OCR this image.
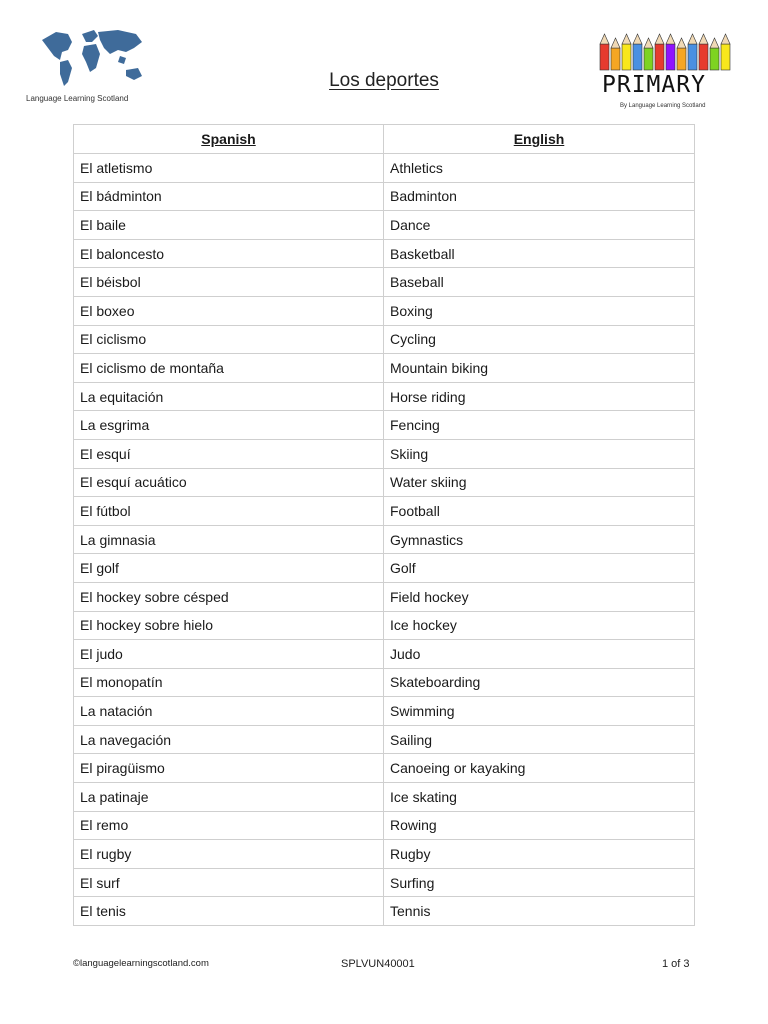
Language Learning Scotland
Los deportes	PRIMARY
By Language Learning Scotland
Spanish	English
El atletismo	Athletics
El bádminton	Badminton
El baile	Dance
El baloncesto	Basketball
El béisbol	Baseball
El boxeo	Boxing
El ciclismo	Cycling
El ciclismo de montaña	Mountain biking
La equitación	Horse riding
La esgrima	Fencing
El esquí	Skiing
El esquí acuático	Water skiing
El fútbol	Football
La gimnasia	Gymnastics
El golf	Golf
El hockey sobre césped	Field hockey
El hockey sobre hielo	Ice hockey
El judo	Judo
El monopatín	Skateboarding
La natación	Swimming
La navegación	Sailing
El piragüismo	Canoeing or kayaking
La patinaje	Ice skating
El remo	Rowing
El rugby	Rugby
El surf	Surfing
El tenis	Tennis
©languagelearningscotland.com	SPLVUN40001	1 of 3
